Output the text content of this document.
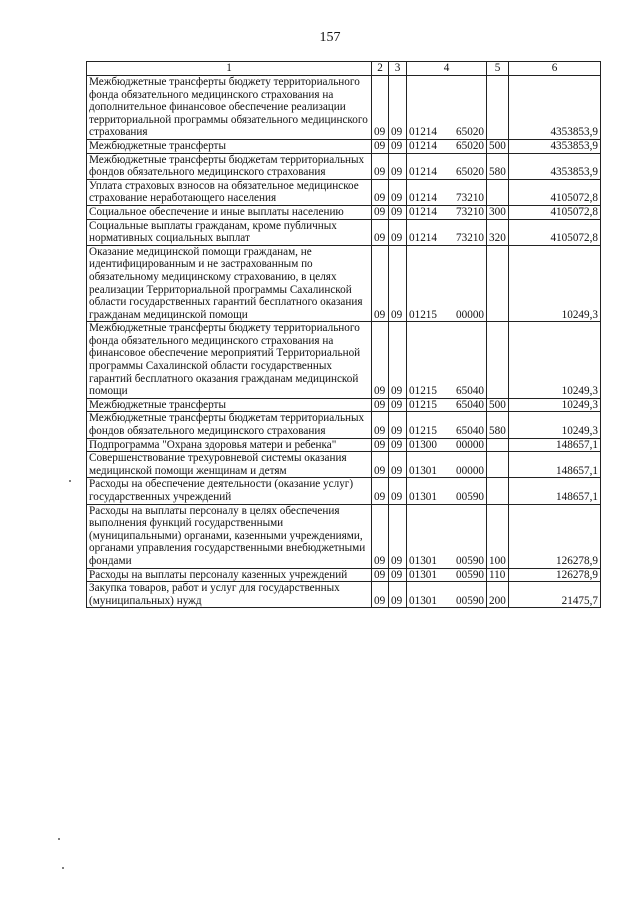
157
1	2	3	4	5	6
Межбюджетные трансферты бюджету территориального фонда обязательного медицинского страхования на дополнительное финансовое обеспечение реализации территориальной программы обязательного медицинского страхования	09	09	01214 65020		4353853,9
Межбюджетные трансферты	09	09	01214 65020	500	4353853,9
Межбюджетные трансферты бюджетам территориальных фондов обязательного медицинского страхования	09	09	01214 65020	580	4353853,9
Уплата страховых взносов на обязательное медицинское страхование неработающего населения	09	09	01214 73210		4105072,8
Социальное обеспечение и иные выплаты населению	09	09	01214 73210	300	4105072,8
Социальные выплаты гражданам, кроме публичных нормативных социальных выплат	09	09	01214 73210	320	4105072,8
Оказание медицинской помощи гражданам, не идентифицированным и не застрахованным по обязательному медицинскому страхованию, в целях реализации Территориальной программы Сахалинской области государственных гарантий бесплатного оказания гражданам медицинской помощи	09	09	01215 00000		10249,3
Межбюджетные трансферты бюджету территориального фонда обязательного медицинского страхования на финансовое обеспечение мероприятий Территориальной программы Сахалинской области государственных гарантий бесплатного оказания гражданам медицинской помощи	09	09	01215 65040		10249,3
Межбюджетные трансферты	09	09	01215 65040	500	10249,3
Межбюджетные трансферты бюджетам территориальных фондов обязательного медицинского страхования	09	09	01215 65040	580	10249,3
Подпрограмма "Охрана здоровья матери и ребенка"	09	09	01300 00000		148657,1
Совершенствование трехуровневой системы оказания медицинской помощи женщинам и детям	09	09	01301 00000		148657,1
Расходы на обеспечение деятельности (оказание услуг) государственных учреждений	09	09	01301 00590		148657,1
Расходы на выплаты персоналу в целях обеспечения выполнения функций государственными (муниципальными) органами, казенными учреждениями, органами управления государственными внебюджетными фондами	09	09	01301 00590	100	126278,9
Расходы на выплаты персоналу казенных учреждений	09	09	01301 00590	110	126278,9
Закупка товаров, работ и услуг для государственных (муниципальных) нужд	09	09	01301 00590	200	21475,7
